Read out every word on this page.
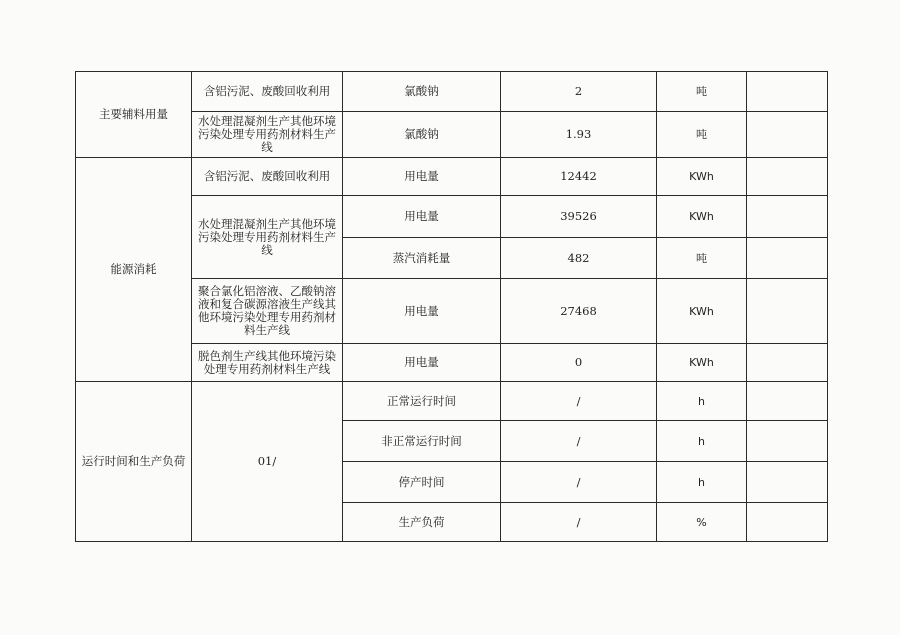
主要辅料用量	含铝污泥、废酸回收利用	氯酸钠	2	吨	
	水处理混凝剂生产其他环境污染处理专用药剂材料生产线	氯酸钠	1.93	吨	
能源消耗	含铝污泥、废酸回收利用	用电量	12442	KWh	
	水处理混凝剂生产其他环境污染处理专用药剂材料生产线	用电量	39526	KWh	
		蒸汽消耗量	482	吨	
	聚合氯化铝溶液、乙酸钠溶液和复合碳源溶液生产线其他环境污染处理专用药剂材料生产线	用电量	27468	KWh	
	脱色剂生产线其他环境污染处理专用药剂材料生产线	用电量	0	KWh	
运行时间和生产负荷	01/	正常运行时间	/	h	
		非正常运行时间	/	h	
		停产时间	/	h	
		生产负荷	/	%	
